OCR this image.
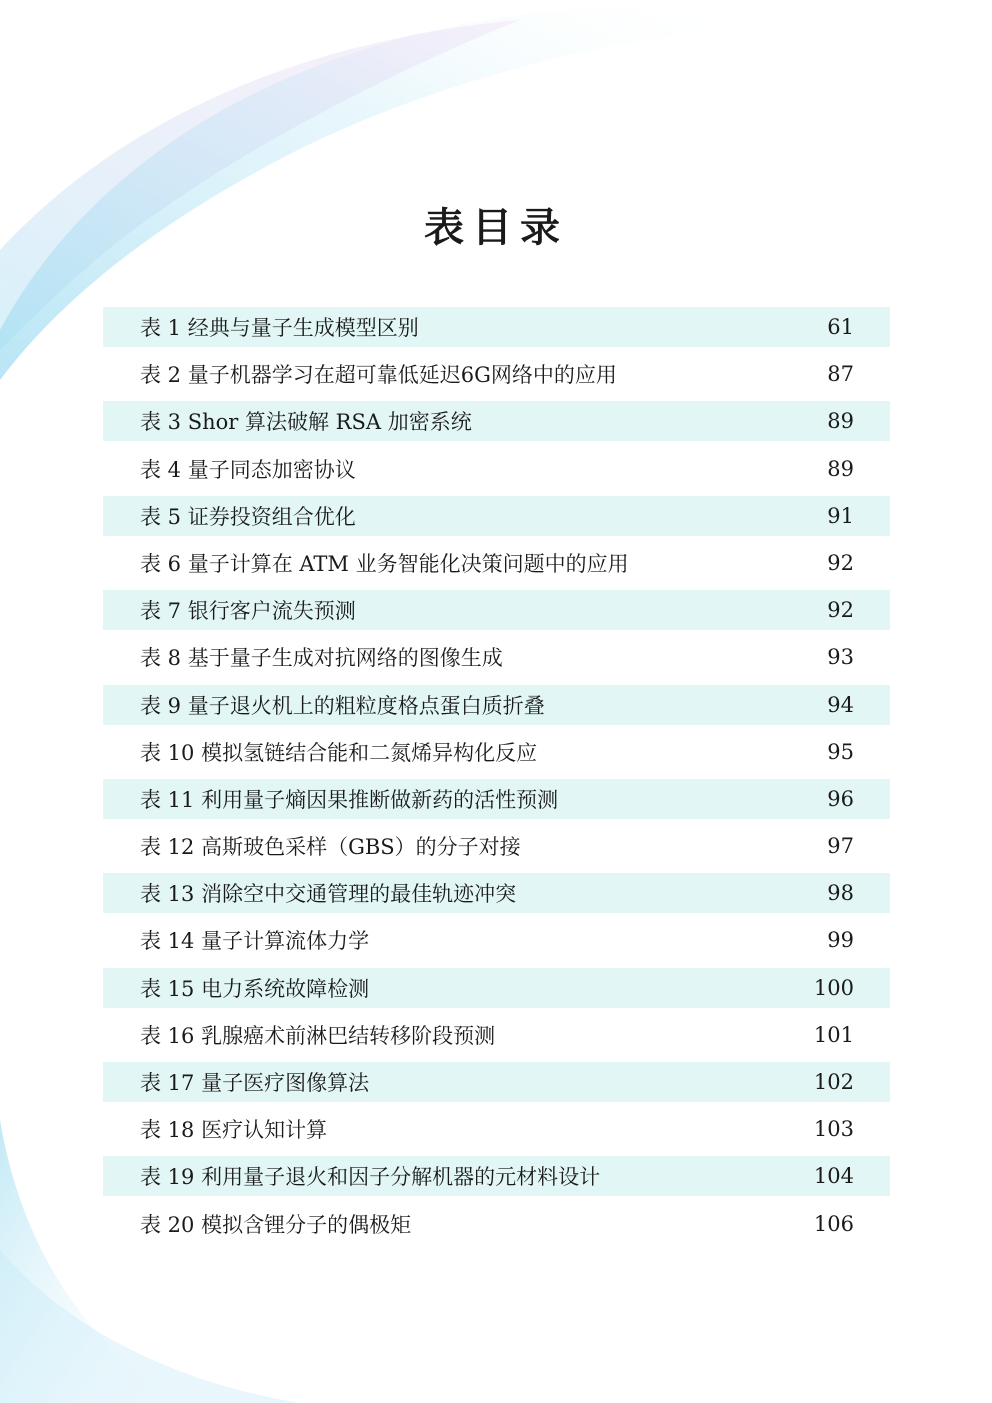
表目录
表 1 经典与量子生成模型区别	61
表 2 量子机器学习在超可靠低延迟6G网络中的应用	87
表 3 Shor 算法破解 RSA 加密系统	89
表 4 量子同态加密协议	89
表 5 证券投资组合优化	91
表 6 量子计算在 ATM 业务智能化决策问题中的应用	92
表 7 银行客户流失预测	92
表 8 基于量子生成对抗网络的图像生成	93
表 9 量子退火机上的粗粒度格点蛋白质折叠	94
表 10 模拟氢链结合能和二氮烯异构化反应	95
表 11 利用量子熵因果推断做新药的活性预测	96
表 12 高斯玻色采样（GBS）的分子对接	97
表 13 消除空中交通管理的最佳轨迹冲突	98
表 14 量子计算流体力学	99
表 15 电力系统故障检测	100
表 16 乳腺癌术前淋巴结转移阶段预测	101
表 17 量子医疗图像算法	102
表 18 医疗认知计算	103
表 19 利用量子退火和因子分解机器的元材料设计	104
表 20 模拟含锂分子的偶极矩	106
